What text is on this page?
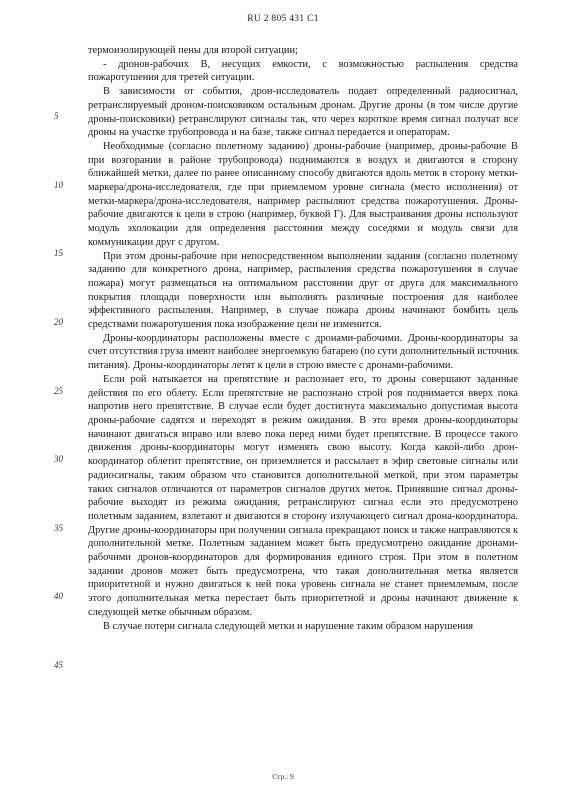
RU 2 805 431 C1
5
10
15
20
25
30
35
40
45

термоизолирующей пены для второй ситуации;

- дронов-рабочих В, несущих емкости, с возможностью распыления средства пожаротушения для третей ситуации.

В зависимости от события, дрон-исследователь подает определенный радиосигнал, ретранслируемый дроном-поисковиком остальным дронам. Другие дроны (в том числе другие дроны-поисковики) ретранслируют сигналы так, что через короткое время сигнал получат все дроны на участке трубопровода и на базе, также сигнал передается и операторам.

Необходимые (согласно полетному заданию) дроны-рабочие (например, дроны-рабочие В при возгорании в районе трубопровода) поднимаются в воздух и двигаются в сторону ближайшей метки, далее по ранее описанному способу двигаются вдоль меток в сторону метки-маркера/дрона-исследователя, где при приемлемом уровне сигнала (место исполнения) от метки-маркера/дрона-исследователя, например распыляют средства пожаротушения. Дроны-рабочие двигаются к цели в строю (например, буквой Г). Для выстраивания дроны используют модуль эхолокации для определения расстояния между соседями и модуль связи для коммуникации друг с другом.

При этом дроны-рабочие при непосредственном выполнении задания (согласно полетному заданию для конкретного дрона, например, распыления средства пожаротушения в случае пожара) могут размещаться на оптимальном расстоянии друг от друга для максимального покрытия площади поверхности или выполнять различные построения для наиболее эффективного распыления. Например, в случае пожара дроны начинают бомбить цель средствами пожаротушения пока изображение цели не изменится.

Дроны-координаторы расположены вместе с дронами-рабочими. Дроны-координаторы за счет отсутствия груза имеют наиболее энергоемкую батарею (по сути дополнительный источник питания). Дроны-координаторы летят к цели в строю вместе с дронами-рабочими.

Если рой натыкается на препятствие и распознает его, то дроны совершают заданные действия по его облету. Если препятствие не распознано строй роя поднимается вверх пока напротив него препятствие. В случае если будет достигнута максимально допустимая высота дроны-рабочие садятся и переходят в режим ожидания. В это время дроны-координаторы начинают двигаться вправо или влево пока перед ними будет препятствие. В процессе такого движения дроны-координаторы могут изменять свою высоту. Когда какой-либо дрон-координатор облетит препятствие, он приземляется и рассылает в эфир световые сигналы или радиосигналы, таким образом что становится дополнительной меткой, при этом параметры таких сигналов отличаются от параметров сигналов других меток. Принявшие сигнал дроны-рабочие выходят из режима ожидания, ретранслируют сигнал если это предусмотрено полетным заданием, взлетают и двигаются в сторону излучающего сигнал дрона-координатора. Другие дроны-координаторы при получении сигнала прекращают поиск и также направляются к дополнительной метке. Полетным заданием может быть предусмотрено ожидание дронами-рабочими дронов-координаторов для формирования единого строя. При этом в полетном задании дронов может быть предусмотрена, что такая дополнительная метка является приоритетной и нужно двигаться к ней пока уровень сигнала не станет приемлемым, после этого дополнительная метка перестает быть приоритетной и дроны начинают движение к следующей метке обычным образом.

В случае потери сигнала следующей метки и нарушение таким образом нарушения

Стр.: 9
